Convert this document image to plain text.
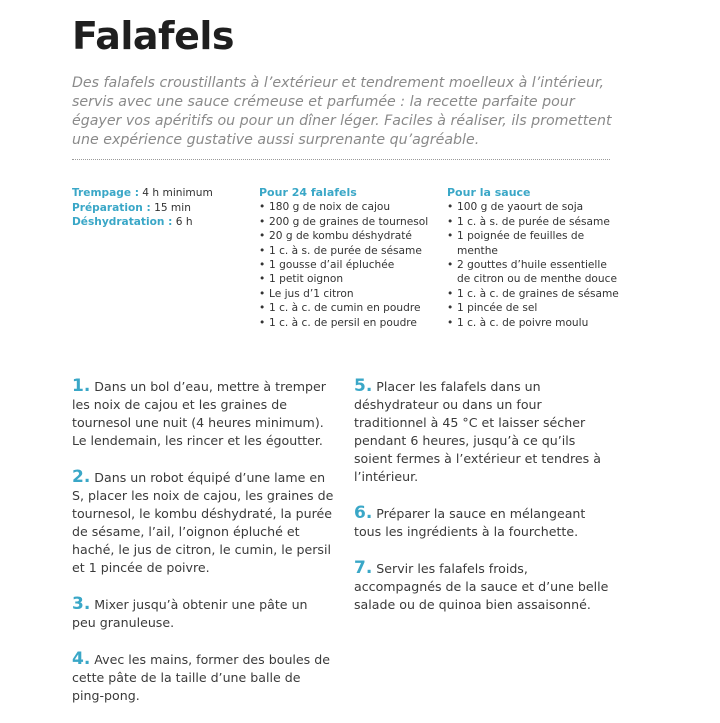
Falafels

Des falafels croustillants à l’extérieur et tendrement moelleux à l’intérieur, servis avec une sauce crémeuse et parfumée : la recette parfaite pour égayer vos apéritifs ou pour un dîner léger. Faciles à réaliser, ils promettent une expérience gustative aussi surprenante qu’agréable.

Trempage : 4 h minimum
Préparation : 15 min
Déshydratation : 6 h
Pour 24 falafels
• 180 g de noix de cajou
• 200 g de graines de tournesol
• 20 g de kombu déshydraté
• 1 c. à s. de purée de sésame
• 1 gousse d’ail épluchée
• 1 petit oignon
• Le jus d’1 citron
• 1 c. à c. de cumin en poudre
• 1 c. à c. de persil en poudre
Pour la sauce
• 100 g de yaourt de soja
• 1 c. à s. de purée de sésame
• 1 poignée de feuilles de menthe
• 2 gouttes d’huile essentielle de citron ou de menthe douce
• 1 c. à c. de graines de sésame
• 1 pincée de sel
• 1 c. à c. de poivre moulu

1. Dans un bol d’eau, mettre à tremper les noix de cajou et les graines de tournesol une nuit (4 heures minimum). Le lendemain, les rincer et les égoutter.

2. Dans un robot équipé d’une lame en S, placer les noix de cajou, les graines de tournesol, le kombu déshydraté, la purée de sésame, l’ail, l’oignon épluché et haché, le jus de citron, le cumin, le persil et 1 pincée de poivre.

3. Mixer jusqu’à obtenir une pâte un peu granuleuse.

4. Avec les mains, former des boules de cette pâte de la taille d’une balle de ping-pong.

5. Placer les falafels dans un déshydrateur ou dans un four traditionnel à 45 °C et laisser sécher pendant 6 heures, jusqu’à ce qu’ils soient fermes à l’extérieur et tendres à l’intérieur.

6. Préparer la sauce en mélangeant tous les ingrédients à la fourchette.

7. Servir les falafels froids, accompagnés de la sauce et d’une belle salade ou de quinoa bien assaisonné.
